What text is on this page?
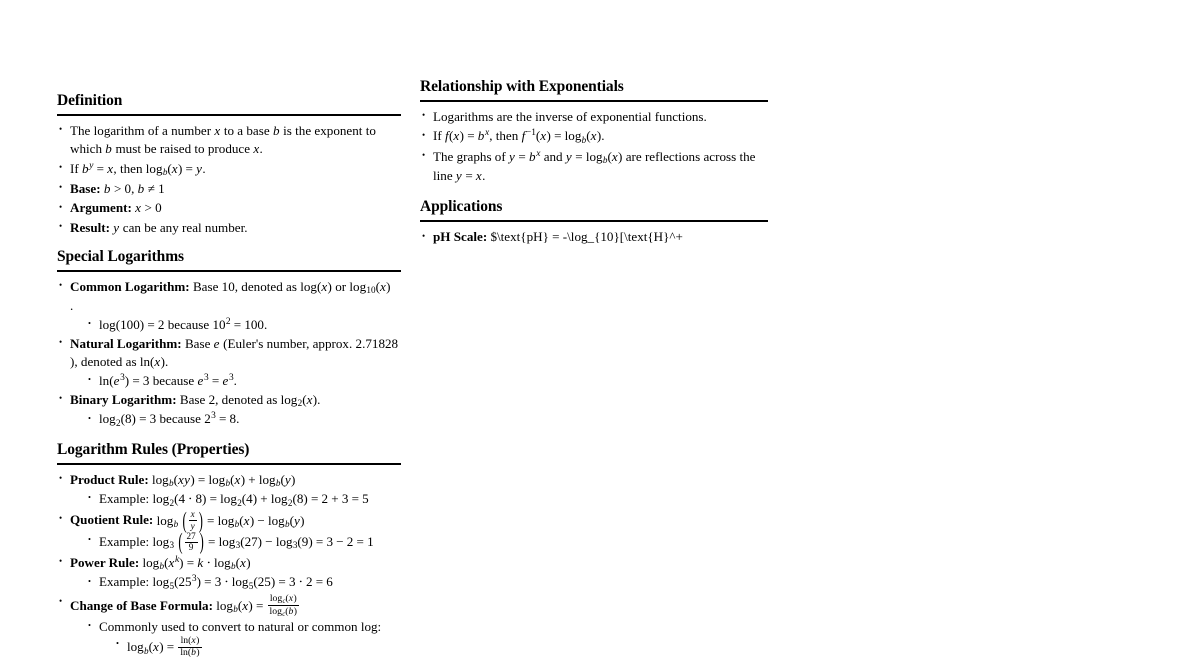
Definition
• The logarithm of a number x to a base b is the exponent to which b must be raised to produce x.
• If $b^y = x$, then logb(x) = y.
• Base: b > 0, b ≠ 1
• Argument: x > 0
• Result: y can be any real number.
Special Logarithms
• Common Logarithm: Base 10, denoted as log(x) or log10(x)
.
• log(100) = 2 because $10^2 = 100$.
• Natural Logarithm: Base e (Euler's number, approx. 2.71828
), denoted as ln(x).
• $\ln(e^3) = 3$ because $e^3 = e^3$.
• Binary Logarithm: Base 2, denoted as log2(x).
• log2(8) = 3 because $2^3 = 8$.
Logarithm Rules (Properties)
• Product Rule: logb(xy) = logb(x) + logb(y)
• Example: log2(4 ⋅ 8) = log2(4) + log2(8) = 2 + 3 = 5
• Quotient Rule: logb ( $\frac{x}{y}$ ) = logb(x) − logb(y)
• Example: log3 ( $\frac{27}{9}$ ) = log3(27) − log3(9) = 3 − 2 = 1
• Power Rule: $\log b(x^k) = k \cdot \log b(x)$
• Example: $\log 5(25^3) = 3 \cdot \log 5(25) = 3 \cdot 2 = 6$
• Change of Base Formula: $\log b(x) = \frac{\log c(x)}{\log c(b)}$
• Commonly used to convert to natural or common log:
• $\log b(x) = \frac{\ln(x)}{\ln(b)}$
Relationship with Exponentials
• Logarithms are the inverse of exponential functions.
• If $f(x) = b^x$, then $f^{-1}(x) = \log b(x)$.
• The graphs of $y = b^x$ and y = logb(x) are reflections across the line y = x.
Applications
• pH Scale: $\text{pH} = -\log_{10}[\text{H}^+
